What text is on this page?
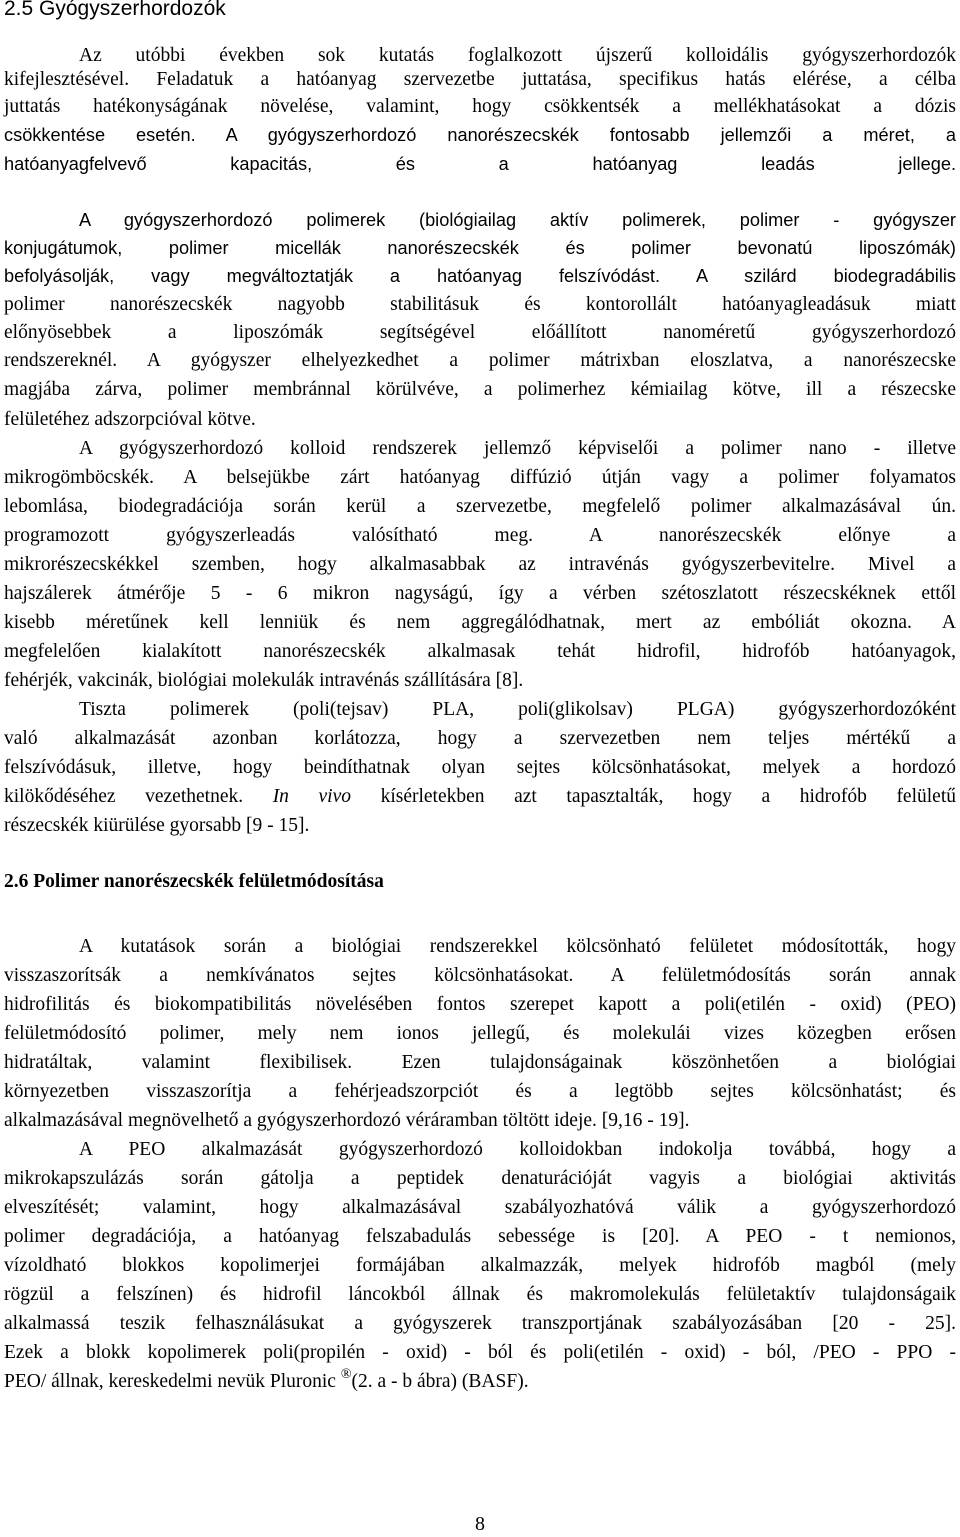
2.5 Gyógyszerhordozók
Az utóbbi években sok kutatás foglalkozott újszerű kolloidális gyógyszerhordozók
kifejlesztésével. Feladatuk a hatóanyag szervezetbe juttatása, specifikus hatás elérése, a célba
juttatás hatékonyságának növelése, valamint, hogy csökkentsék a mellékhatásokat a dózis
csökkentése esetén. A gyógyszerhordozó nanorészecskék fontosabb jellemzői a méret, a
hatóanyagfelvevő kapacitás, és a hatóanyag leadás jellege.
A gyógyszerhordozó polimerek (biológiailag aktív polimerek, polimer - gyógyszer
konjugátumok, polimer micellák nanorészecskék és polimer bevonatú liposzómák)
befolyásolják, vagy megváltoztatják a hatóanyag felszívódást. A szilárd biodegradábilis
polimer nanorészecskék nagyobb stabilitásuk és kontorollált hatóanyagleadásuk miatt
előnyösebbek a liposzómák segítségével előállított nanoméretű gyógyszerhordozó
rendszereknél. A gyógyszer elhelyezkedhet a polimer mátrixban eloszlatva, a nanorészecske
magjába zárva, polimer membránnal körülvéve, a polimerhez kémiailag kötve, ill a részecske
felületéhez adszorpcióval kötve.
A gyógyszerhordozó kolloid rendszerek jellemző képviselői a polimer nano - illetve
mikrogömböcskék. A belsejükbe zárt hatóanyag diffúzió útján vagy a polimer folyamatos
lebomlása, biodegradációja során kerül a szervezetbe, megfelelő polimer alkalmazásával ún.
programozott gyógyszerleadás valósítható meg. A nanorészecskék előnye a
mikrorészecskékkel szemben, hogy alkalmasabbak az intravénás gyógyszerbevitelre. Mivel a
hajszálerek átmérője 5 - 6 mikron nagyságú, így a vérben szétoszlatott részecskéknek ettől
kisebb méretűnek kell lenniük és nem aggregálódhatnak, mert az embóliát okozna. A
megfelelően kialakított nanorészecskék alkalmasak tehát hidrofil, hidrofób hatóanyagok,
fehérjék, vakcinák, biológiai molekulák intravénás szállítására [8].
Tiszta polimerek (poli(tejsav) PLA, poli(glikolsav) PLGA) gyógyszerhordozóként
való alkalmazását azonban korlátozza, hogy a szervezetben nem teljes mértékű a
felszívódásuk, illetve, hogy beindíthatnak olyan sejtes kölcsönhatásokat, melyek a hordozó
kilökődéséhez vezethetnek. In vivo kísérletekben azt tapasztalták, hogy a hidrofób felületű
részecskék kiürülése gyorsabb [9 - 15].
2.6 Polimer nanorészecskék felületmódosítása
A kutatások során a biológiai rendszerekkel kölcsönható felületet módosították, hogy
visszaszorítsák a nemkívánatos sejtes kölcsönhatásokat. A felületmódosítás során annak
hidrofilitás és biokompatibilitás növelésében fontos szerepet kapott a poli(etilén - oxid) (PEO)
felületmódosító polimer, mely nem ionos jellegű, és molekulái vizes közegben erősen
hidratáltak, valamint flexibilisek. Ezen tulajdonságainak köszönhetően a biológiai
környezetben visszaszorítja a fehérjeadszorpciót és a legtöbb sejtes kölcsönhatást; és
alkalmazásával megnövelhető a gyógyszerhordozó véráramban töltött ideje. [9,16 - 19].
A PEO alkalmazását gyógyszerhordozó kolloidokban indokolja továbbá, hogy a
mikrokapszulázás során gátolja a peptidek denaturációját vagyis a biológiai aktivitás
elveszítését; valamint, hogy alkalmazásával szabályozhatóvá válik a gyógyszerhordozó
polimer degradációja, a hatóanyag felszabadulás sebessége is [20]. A PEO - t nemionos,
vízoldható blokkos kopolimerjei formájában alkalmazzák, melyek hidrofób magból (mely
rögzül a felszínen) és hidrofil láncokból állnak és makromolekulás felületaktív tulajdonságaik
alkalmassá teszik felhasználásukat a gyógyszerek transzportjának szabályozásában [20 - 25].
Ezek a blokk kopolimerek poli(propilén - oxid) - ból és poli(etilén - oxid) - ból, /PEO - PPO -
PEO/ állnak, kereskedelmi nevük Pluronic ®(2. a - b ábra) (BASF).
8
